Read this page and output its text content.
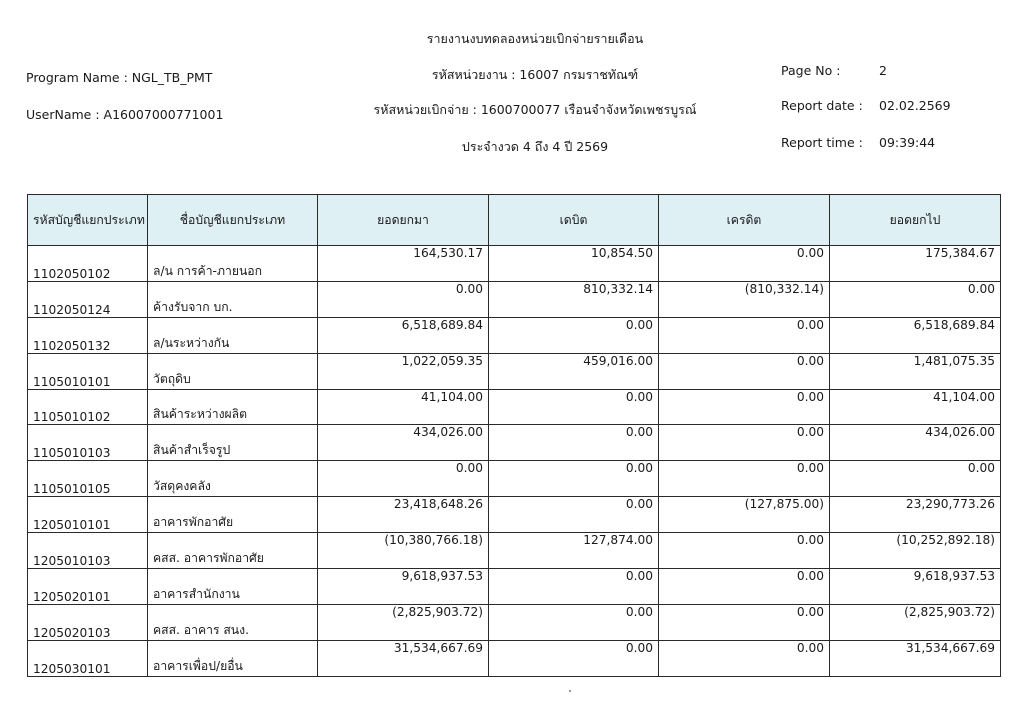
รายงานงบทดลองหน่วยเบิกจ่ายรายเดือน
รหัสหน่วยงาน : 16007 กรมราชทัณฑ์
รหัสหน่วยเบิกจ่าย : 1600700077 เรือนจำจังหวัดเพชรบูรณ์
ประจำงวด 4 ถึง 4 ปี 2569
Program Name : NGL_TB_PMT
UserName : A16007000771001
Page No :	2
Report date : 02.02.2569
Report time : 09:39:44
รหัสบัญชีแยกประเภท	ชื่อบัญชีแยกประเภท	ยอดยกมา	เดบิต	เครดิต	ยอดยกไป
1102050102	ล/น การค้า-ภายนอก	164,530.17	10,854.50	0.00	175,384.67
1102050124	ค้างรับจาก บก.	0.00	810,332.14	(810,332.14)	0.00
1102050132	ล/นระหว่างกัน	6,518,689.84	0.00	0.00	6,518,689.84
1105010101	วัตถุดิบ	1,022,059.35	459,016.00	0.00	1,481,075.35
1105010102	สินค้าระหว่างผลิต	41,104.00	0.00	0.00	41,104.00
1105010103	สินค้าสำเร็จรูป	434,026.00	0.00	0.00	434,026.00
1105010105	วัสดุคงคลัง	0.00	0.00	0.00	0.00
1205010101	อาคารพักอาศัย	23,418,648.26	0.00	(127,875.00)	23,290,773.26
1205010103	คสส. อาคารพักอาศัย	(10,380,766.18)	127,874.00	0.00	(10,252,892.18)
1205020101	อาคารสำนักงาน	9,618,937.53	0.00	0.00	9,618,937.53
1205020103	คสส. อาคาร สนง.	(2,825,903.72)	0.00	0.00	(2,825,903.72)
1205030101	อาคารเพื่อป/ยอื่น	31,534,667.69	0.00	0.00	31,534,667.69
